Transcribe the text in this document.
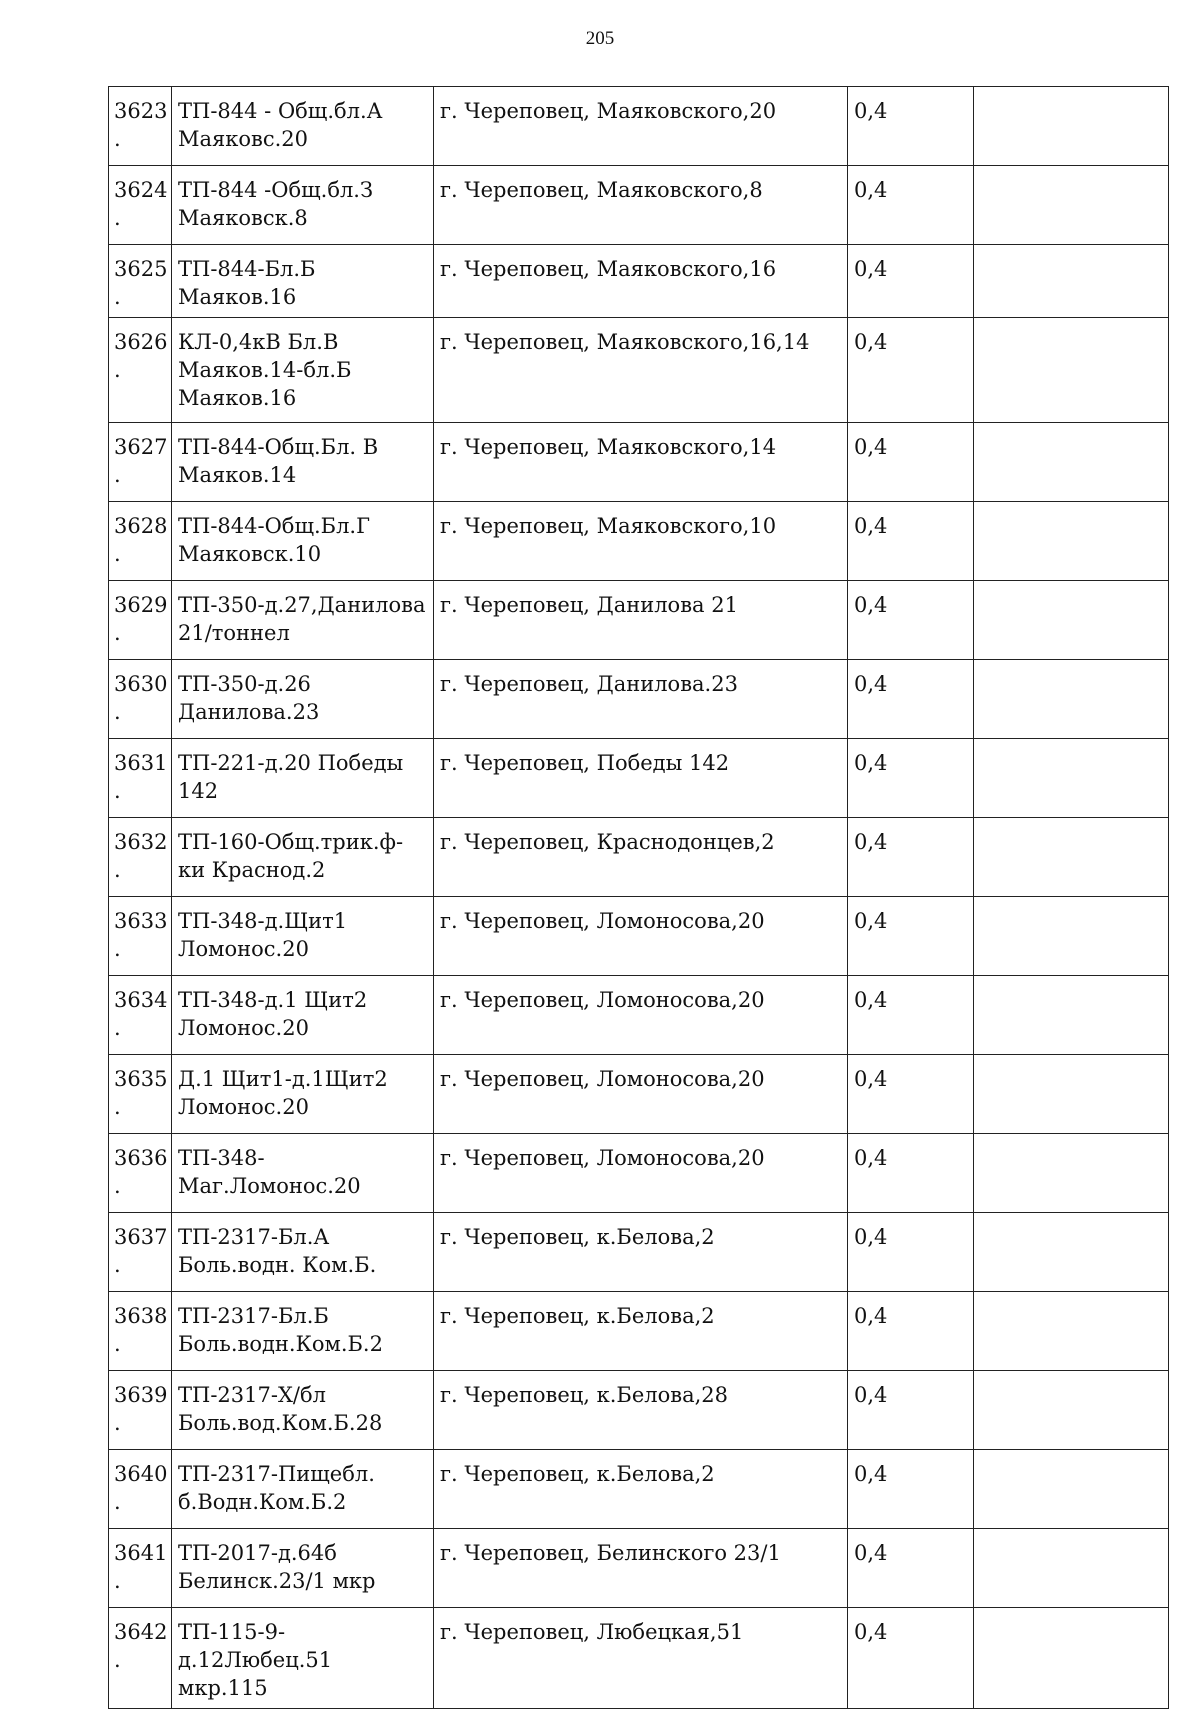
205
3623.	ТП-844 - Общ.бл.А Маяковс.20	г. Череповец, Маяковского,20	0,4	
3624.	ТП-844 -Общ.бл.З Маяковск.8	г. Череповец, Маяковского,8	0,4	
3625.	ТП-844-Бл.Б Маяков.16	г. Череповец, Маяковского,16	0,4	
3626.	КЛ-0,4кВ Бл.В Маяков.14-бл.Б Маяков.16	г. Череповец, Маяковского,16,14	0,4	
3627.	ТП-844-Общ.Бл. В Маяков.14	г. Череповец, Маяковского,14	0,4	
3628.	ТП-844-Общ.Бл.Г Маяковск.10	г. Череповец, Маяковского,10	0,4	
3629.	ТП-350-д.27,Данилова 21/тоннел	г. Череповец, Данилова 21	0,4	
3630.	ТП-350-д.26 Данилова.23	г. Череповец, Данилова.23	0,4	
3631.	ТП-221-д.20 Победы 142	г. Череповец, Победы 142	0,4	
3632.	ТП-160-Общ.трик.ф-ки Краснод.2	г. Череповец, Краснодонцев,2	0,4	
3633.	ТП-348-д.Щит1 Ломонос.20	г. Череповец, Ломоносова,20	0,4	
3634.	ТП-348-д.1 Щит2 Ломонос.20	г. Череповец, Ломоносова,20	0,4	
3635.	Д.1 Щит1-д.1Щит2 Ломонос.20	г. Череповец, Ломоносова,20	0,4	
3636.	ТП-348- Маг.Ломонос.20	г. Череповец, Ломоносова,20	0,4	
3637.	ТП-2317-Бл.А Боль.водн. Ком.Б.	г. Череповец, к.Белова,2	0,4	
3638.	ТП-2317-Бл.Б Боль.водн.Ком.Б.2	г. Череповец, к.Белова,2	0,4	
3639.	ТП-2317-Х/бл Боль.вод.Ком.Б.28	г. Череповец, к.Белова,28	0,4	
3640.	ТП-2317-Пищебл. б.Водн.Ком.Б.2	г. Череповец, к.Белова,2	0,4	
3641.	ТП-2017-д.64б Белинск.23/1 мкр	г. Череповец, Белинского 23/1	0,4	
3642.	ТП-115-9-д.12Любец.51 мкр.115	г. Череповец, Любецкая,51	0,4	
